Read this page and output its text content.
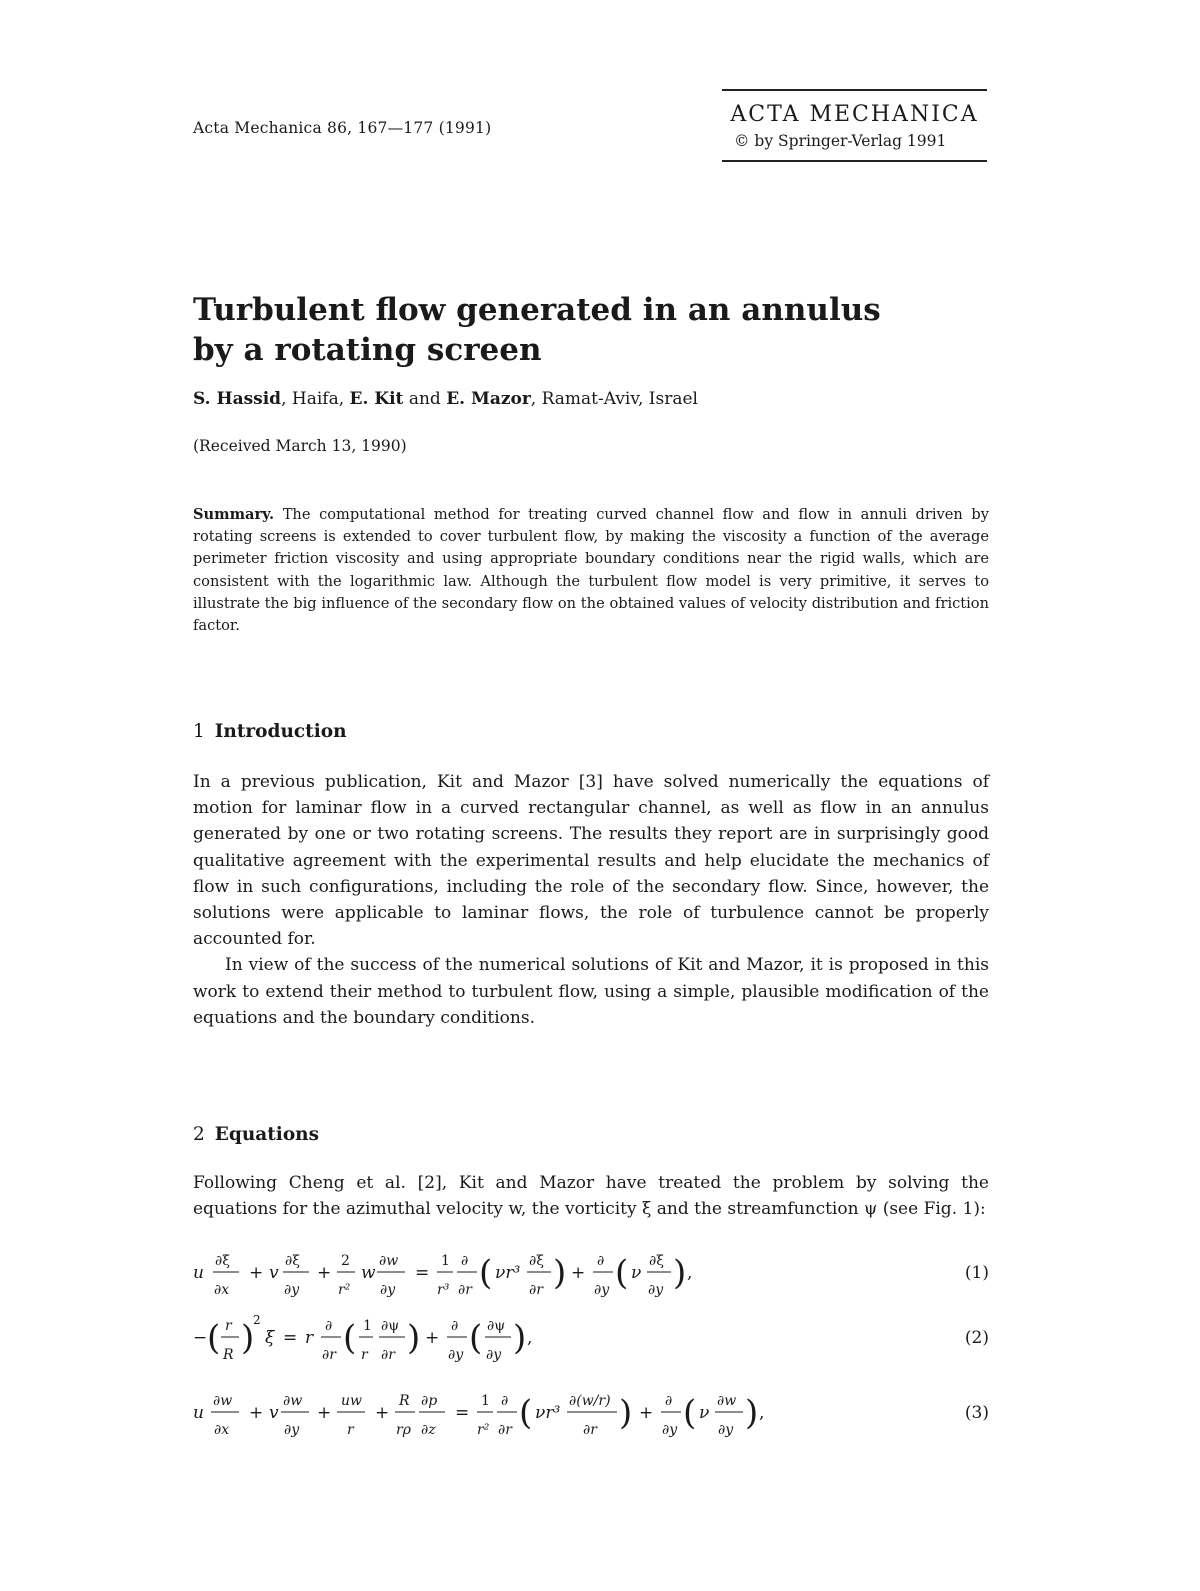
Acta Mechanica 86, 167—177 (1991)
ACTA MECHANICA
© by Springer-Verlag 1991
Turbulent flow generated in an annulus
by a rotating screen
S. Hassid, Haifa, E. Kit and E. Mazor, Ramat-Aviv, Israel
(Received March 13, 1990)
Summary. The computational method for treating curved channel flow and flow in annuli driven by rotating screens is extended to cover turbulent flow, by making the viscosity a function of the average perimeter friction viscosity and using appropriate boundary conditions near the rigid walls, which are consistent with the logarithmic law. Although the turbulent flow model is very primitive, it serves to illustrate the big influence of the secondary flow on the obtained values of velocity distribution and friction factor.
1 Introduction

In a previous publication, Kit and Mazor [3] have solved numerically the equations of motion for laminar flow in a curved rectangular channel, as well as flow in an annulus generated by one or two rotating screens. The results they report are in surprisingly good qualitative agreement with the experimental results and help elucidate the mechanics of flow in such configurations, including the role of the secondary flow. Since, however, the solutions were applicable to laminar flows, the role of turbulence cannot be properly accounted for.

In view of the success of the numerical solutions of Kit and Mazor, it is proposed in this work to extend their method to turbulent flow, using a simple, plausible modification of the equations and the boundary conditions.

2 Equations

Following Cheng et al. [2], Kit and Mazor have treated the problem by solving the equations for the azimuthal velocity w, the vorticity ξ and the streamfunction ψ (see Fig. 1):

u
∂ξ
∂x
+ v
∂ξ
∂y
+
2
r²
w
∂w
∂y
=
1
r³
∂
∂r ( νr³
∂ξ
∂r ) +
∂
∂y ( ν
∂ξ
∂y ) ,	(1)
− ( r
R )
2
ξ = r
∂
∂r ( 1
r
∂ψ
∂r ) +
∂
∂y ( ∂ψ
∂y ) ,	(2)
u
∂w
∂x
+ v
∂w
∂y
+
uw
r
+
R
rρ
∂p
∂z
=
1
r²
∂
∂r ( νr³
∂(w/r)
∂r ) +
∂
∂y ( ν
∂w
∂y ) ,	(3)
